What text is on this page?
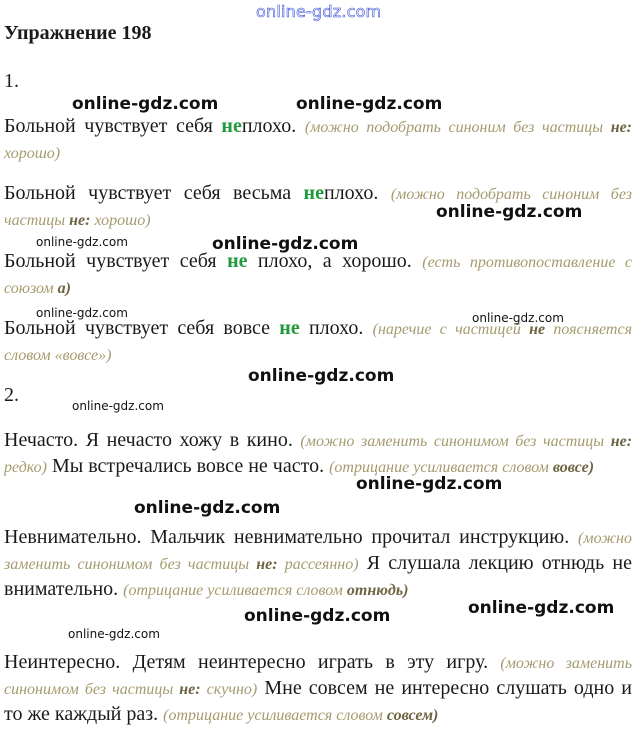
online-gdz.com
Упражнение 198
1.
Больной чувствует себя неплохо. (можно подобрать синоним без частицы не: хорошо)
Больной чувствует себя весьма неплохо. (можно подобрать синоним без частицы не: хорошо)
Больной чувствует себя не плохо, а хорошо. (есть противопоставление с союзом а)
Больной чувствует себя вовсе не плохо. (наречие с частицей не поясняется словом «вовсе»)
2.
Нечасто. Я нечасто хожу в кино. (можно заменить синонимом без частицы не: редко) Мы встречались вовсе не часто. (отрицание усиливается словом вовсе)
Невнимательно. Мальчик невнимательно прочитал инструкцию. (можно заменить синонимом без частицы не: рассеянно) Я слушала лекцию отнюдь не внимательно. (отрицание усиливается словом отнюдь)
Неинтересно. Детям неинтересно играть в эту игру. (можно заменить синонимом без частицы не: скучно) Мне совсем не интересно слушать одно и то же каждый раз. (отрицание усиливается словом совсем)
online-gdz.com	online-gdz.com
online-gdz.com
online-gdz.com	online-gdz.com
online-gdz.com	online-gdz.com
online-gdz.com
online-gdz.com
online-gdz.com
online-gdz.com
online-gdz.com
online-gdz.com
online-gdz.com
